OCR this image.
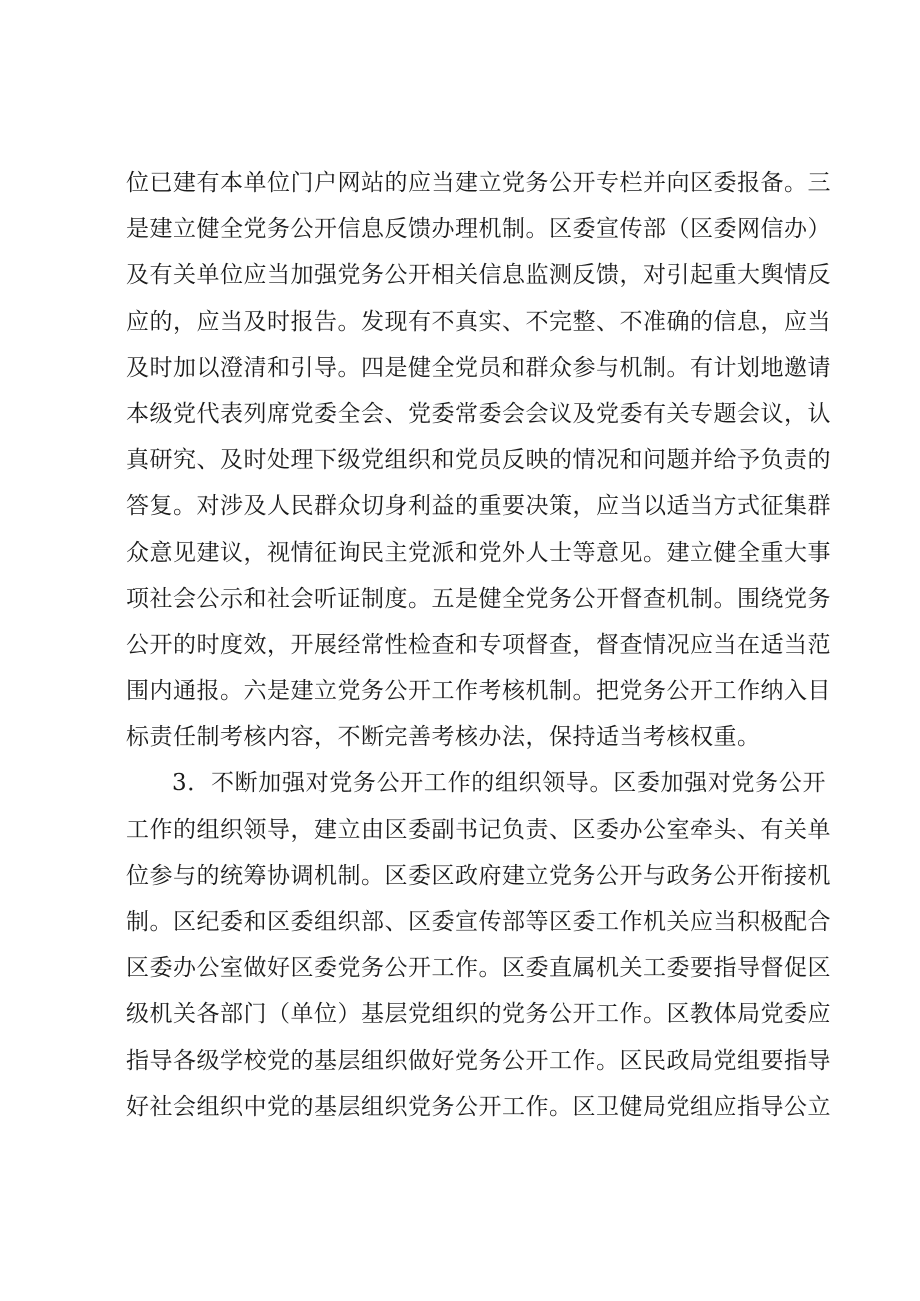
位已建有本单位门户网站的应当建立党务公开专栏并向区委报备。三
是建立健全党务公开信息反馈办理机制。区委宣传部（区委网信办）
及有关单位应当加强党务公开相关信息监测反馈，对引起重大舆情反
应的，应当及时报告。发现有不真实、不完整、不准确的信息，应当
及时加以澄清和引导。四是健全党员和群众参与机制。有计划地邀请
本级党代表列席党委全会、党委常委会会议及党委有关专题会议，认
真研究、及时处理下级党组织和党员反映的情况和问题并给予负责的
答复。对涉及人民群众切身利益的重要决策，应当以适当方式征集群
众意见建议，视情征询民主党派和党外人士等意见。建立健全重大事
项社会公示和社会听证制度。五是健全党务公开督查机制。围绕党务
公开的时度效，开展经常性检查和专项督查，督查情况应当在适当范
围内通报。六是建立党务公开工作考核机制。把党务公开工作纳入目
标责任制考核内容，不断完善考核办法，保持适当考核权重。
3．不断加强对党务公开工作的组织领导。区委加强对党务公开
工作的组织领导，建立由区委副书记负责、区委办公室牵头、有关单
位参与的统筹协调机制。区委区政府建立党务公开与政务公开衔接机
制。区纪委和区委组织部、区委宣传部等区委工作机关应当积极配合
区委办公室做好区委党务公开工作。区委直属机关工委要指导督促区
级机关各部门（单位）基层党组织的党务公开工作。区教体局党委应
指导各级学校党的基层组织做好党务公开工作。区民政局党组要指导
好社会组织中党的基层组织党务公开工作。区卫健局党组应指导公立
